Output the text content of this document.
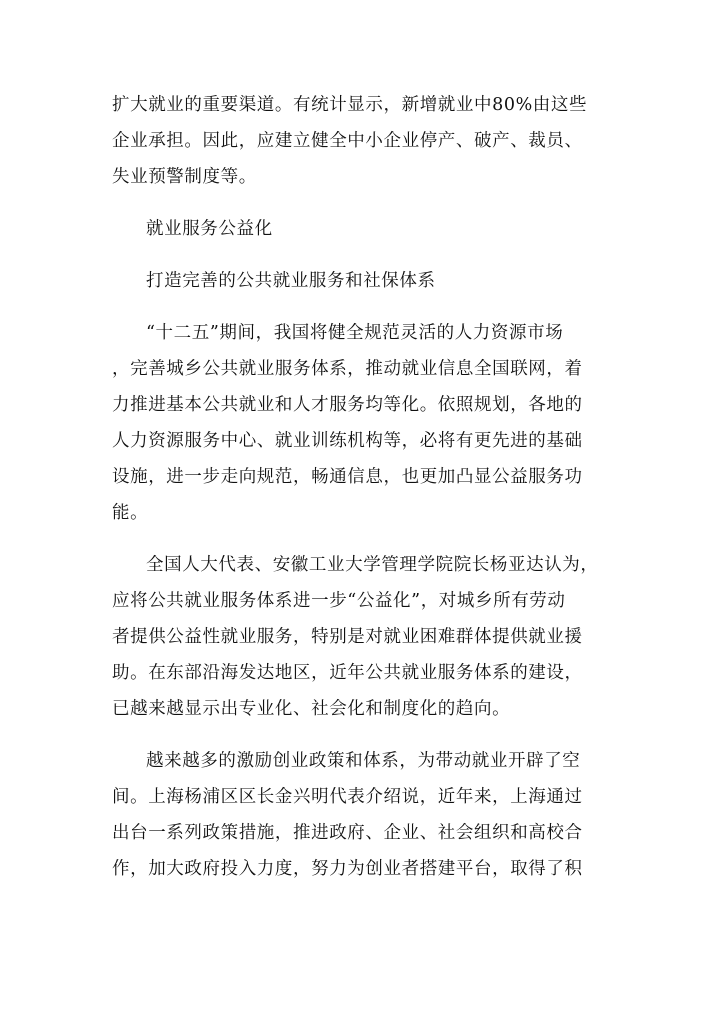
扩大就业的重要渠道。有统计显示，新增就业中80%由这些
企业承担。因此，应建立健全中小企业停产、破产、裁员、
失业预警制度等。
就业服务公益化
打造完善的公共就业服务和社保体系
“十二五”期间，我国将健全规范灵活的人力资源市场
，完善城乡公共就业服务体系，推动就业信息全国联网，着
力推进基本公共就业和人才服务均等化。依照规划，各地的
人力资源服务中心、就业训练机构等，必将有更先进的基础
设施，进一步走向规范，畅通信息，也更加凸显公益服务功
能。
全国人大代表、安徽工业大学管理学院院长杨亚达认为，
应将公共就业服务体系进一步“公益化”，对城乡所有劳动
者提供公益性就业服务，特别是对就业困难群体提供就业援
助。在东部沿海发达地区，近年公共就业服务体系的建设，
已越来越显示出专业化、社会化和制度化的趋向。
越来越多的激励创业政策和体系，为带动就业开辟了空
间。上海杨浦区区长金兴明代表介绍说，近年来，上海通过
出台一系列政策措施，推进政府、企业、社会组织和高校合
作，加大政府投入力度，努力为创业者搭建平台，取得了积
